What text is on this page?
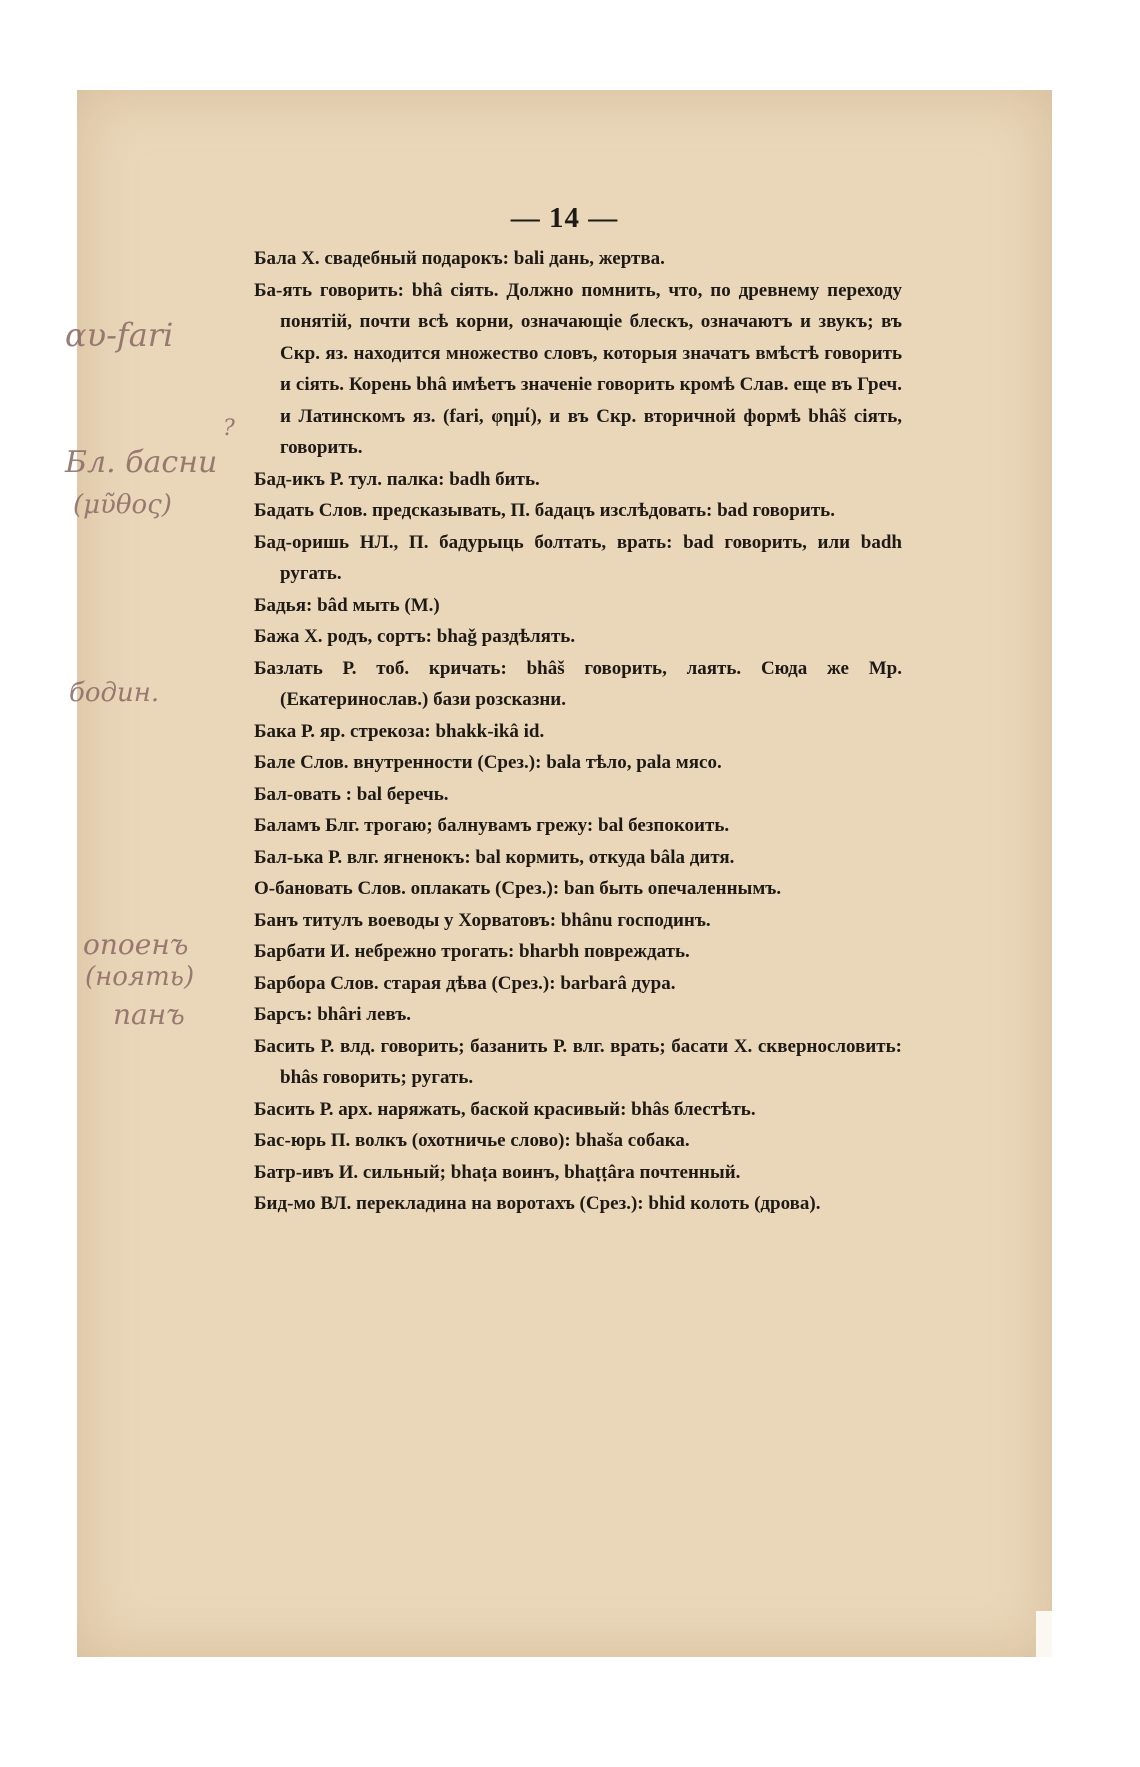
— 14 —

Бала Х. свадебный подарокъ: bali дань, жертва.

Ба-ять говорить: bhâ сіять. Должно помнить, что, по древнему переходу понятій, почти всѣ корни, означающіе блескъ, означаютъ и звукъ; въ Скр. яз. находится множество словъ, которыя значатъ вмѣстѣ говорить и сіять. Корень bhâ имѣетъ значеніе говорить кромѣ Слав. еще въ Греч. и Латинскомъ яз. (fari, φημί), и въ Скр. вторичной формѣ bhâš сіять, говорить.

Бад-икъ Р. тул. палка: badh бить.

Бадать Слов. предсказывать, П. бадацъ изслѣдовать: bad говорить.

Бад-оришь НЛ., П. бадурыць болтать, врать: bad говорить, или badh ругать.

Бадья: bâd мыть (М.)

Бажа Х. родъ, сортъ: bhaǧ раздѣлять.

Базлать Р. тоб. кричать: bhâš говорить, лаять. Сюда же Мр. (Екатеринослав.) бази розсказни.

Бака Р. яр. стрекоза: bhakk-ikâ id.

Бале Слов. внутренности (Срез.): bala тѣло, pala мясо.

Бал-овать : bal беречь.

Баламъ Блг. трогаю; балнувамъ грежу: bal безпокоить.

Бал-ька Р. влг. ягненокъ: bal кормить, откуда bâla дитя.

О-бановать Слов. оплакать (Срез.): ban быть опечаленнымъ.

Банъ титулъ воеводы у Хорватовъ: bhânu господинъ.

Барбати И. небрежно трогать: bharbh повреждать.

Барбора Слов. старая дѣва (Срез.): barbarâ дура.

Барсъ: bhâri левъ.

Басить Р. влд. говорить; базанить Р. влг. врать; басати Х. сквернословить: bhâs говорить; ругать.

Басить Р. арх. наряжать, баской красивый: bhâs блестѣть.

Бас-юрь П. волкъ (охотничье слово): bhaša собака.

Батр-ивъ И. сильный; bhaṭa воинъ, bhaṭṭâra почтенный.

Бид-мо ВЛ. перекладина на воротахъ (Срез.): bhid колоть (дрова).

ɑυ-fari
Бл. басни
?
(μῦθος)
бодин.
опоенъ
(ноять)
панъ
